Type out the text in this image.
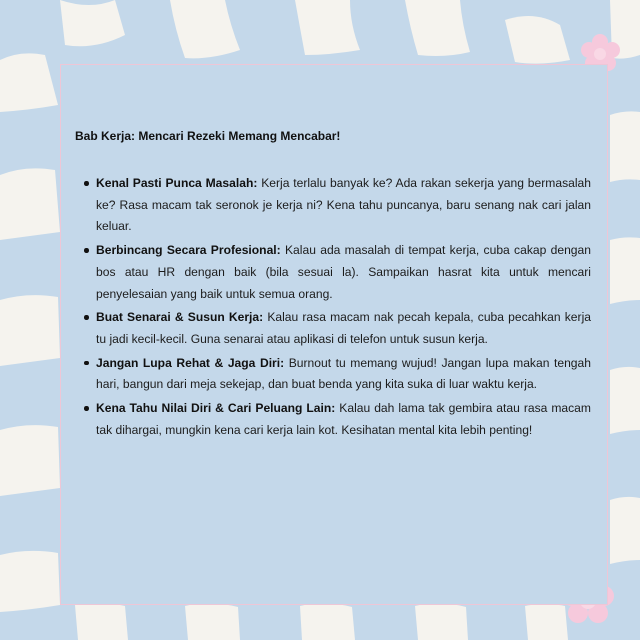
Bab Kerja: Mencari Rezeki Memang Mencabar!
Kenal Pasti Punca Masalah: Kerja terlalu banyak ke? Ada rakan sekerja yang bermasalah ke? Rasa macam tak seronok je kerja ni? Kena tahu puncanya, baru senang nak cari jalan keluar.
Berbincang Secara Profesional: Kalau ada masalah di tempat kerja, cuba cakap dengan bos atau HR dengan baik (bila sesuai la). Sampaikan hasrat kita untuk mencari penyelesaian yang baik untuk semua orang.
Buat Senarai & Susun Kerja: Kalau rasa macam nak pecah kepala, cuba pecahkan kerja tu jadi kecil-kecil. Guna senarai atau aplikasi di telefon untuk susun kerja.
Jangan Lupa Rehat & Jaga Diri: Burnout tu memang wujud! Jangan lupa makan tengah hari, bangun dari meja sekejap, dan buat benda yang kita suka di luar waktu kerja.
Kena Tahu Nilai Diri & Cari Peluang Lain: Kalau dah lama tak gembira atau rasa macam tak dihargai, mungkin kena cari kerja lain kot. Kesihatan mental kita lebih penting!
